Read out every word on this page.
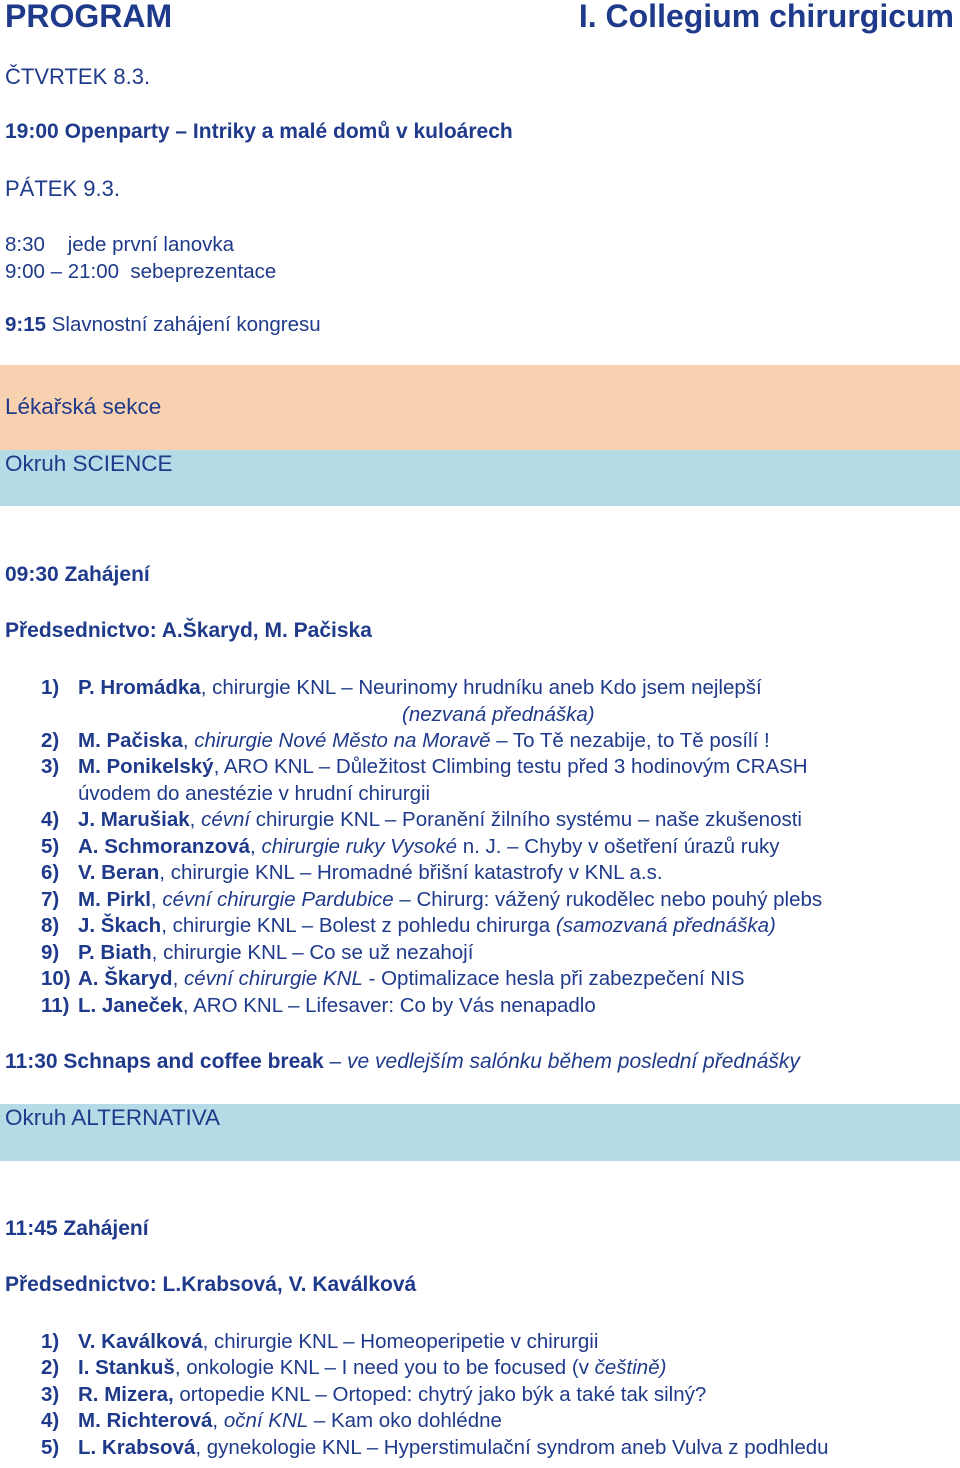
PROGRAM	I. Collegium chirurgicum
ČTVRTEK 8.3.
19:00 Openparty – Intriky a malé domů v kuloárech
PÁTEK 9.3.
8:30 jede první lanovka
9:00 – 21:00 sebeprezentace
9:15 Slavnostní zahájení kongresu
Lékařská sekce
Okruh SCIENCE
09:30 Zahájení
Předsednictvo: A.Škaryd, M. Pačiska
1) P. Hromádka, chirurgie KNL – Neurinomy hrudníku aneb Kdo jsem nejlepší
(nezvaná přednáška)
2) M. Pačiska, chirurgie Nové Město na Moravě – To Tě nezabije, to Tě posílí !
3) M. Ponikelský, ARO KNL – Důležitost Climbing testu před 3 hodinovým CRASH
úvodem do anestézie v hrudní chirurgii
4) J. Marušiak, cévní chirurgie KNL – Poranění žilního systému – naše zkušenosti
5) A. Schmoranzová, chirurgie ruky Vysoké n. J. – Chyby v ošetření úrazů ruky
6) V. Beran, chirurgie KNL – Hromadné břišní katastrofy v KNL a.s.
7) M. Pirkl, cévní chirurgie Pardubice – Chirurg: vážený rukodělec nebo pouhý plebs
8) J. Škach, chirurgie KNL – Bolest z pohledu chirurga (samozvaná přednáška)
9) P. Biath, chirurgie KNL – Co se už nezahojí
10) A. Škaryd, cévní chirurgie KNL - Optimalizace hesla při zabezpečení NIS
11) L. Janeček, ARO KNL – Lifesaver: Co by Vás nenapadlo
11:30 Schnaps and coffee break – ve vedlejším salónku během poslední přednášky
Okruh ALTERNATIVA
11:45 Zahájení
Předsednictvo: L.Krabsová, V. Kaválková
1) V. Kaválková, chirurgie KNL – Homeoperipetie v chirurgii
2) I. Stankuš, onkologie KNL – I need you to be focused (v češtině)
3) R. Mizera, ortopedie KNL – Ortoped: chytrý jako býk a také tak silný?
4) M. Richterová, oční KNL – Kam oko dohlédne
5) L. Krabsová, gynekologie KNL – Hyperstimulační syndrom aneb Vulva z podhledu
